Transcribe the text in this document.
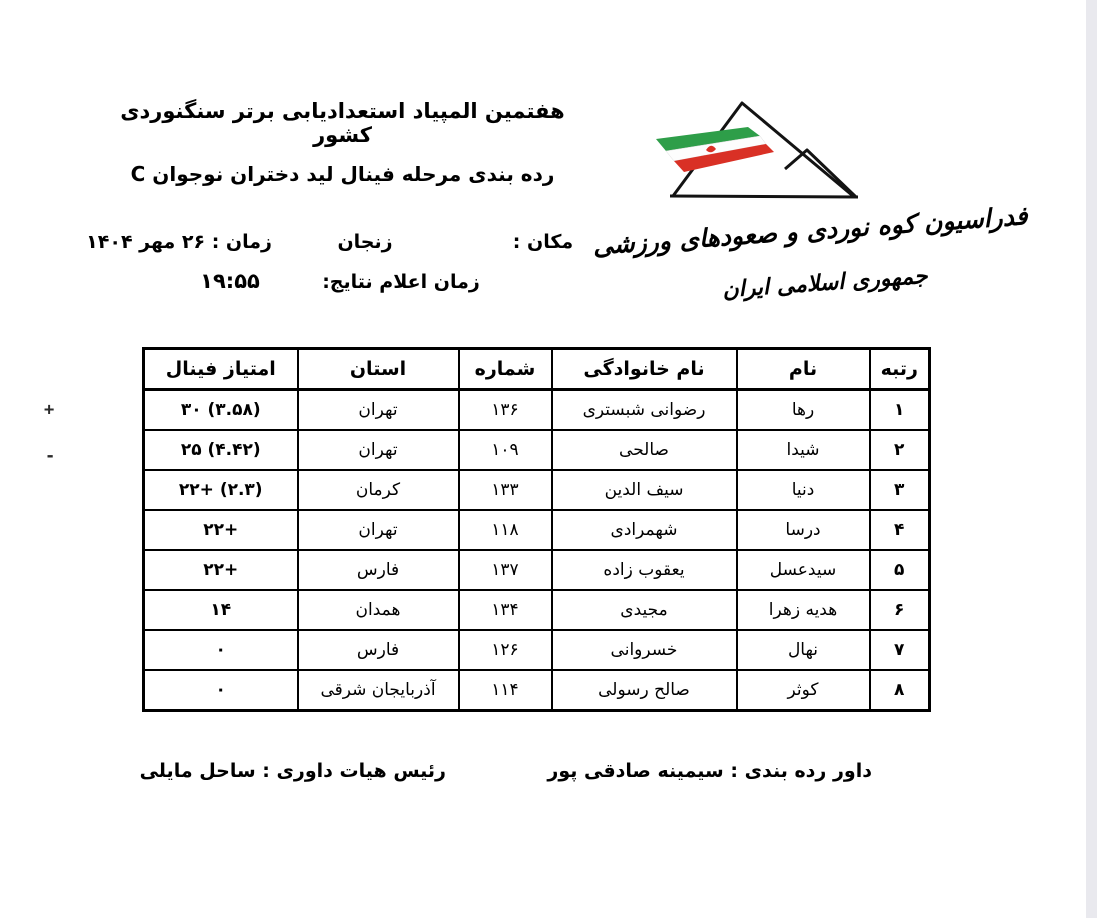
هفتمین المپیاد استعدادیابی برتر سنگنوردی کشور
رده بندی مرحله فینال لید دختران نوجوان C
فدراسیون کوه نوردی و صعودهای ورزشی
جمهوری اسلامی ایران
مکان :
زنجان
زمان : ۲۶ مهر ۱۴۰۴
زمان اعلام نتایج:
۱۹:۵۵
+
-
رتبه	نام	نام خانوادگی	شماره	استان	امتیاز فینال
۱	رها	رضوانی شبستری	۱۳۶	تهران	۳۰ (۳.۵۸)
۲	شیدا	صالحی	۱۰۹	تهران	۲۵ (۴.۴۲)
۳	دنیا	سیف الدین	۱۳۳	کرمان	۲۲+ (۲.۳)
۴	درسا	شهمرادی	۱۱۸	تهران	۲۲+
۵	سیدعسل	یعقوب زاده	۱۳۷	فارس	۲۲+
۶	هدیه زهرا	مجیدی	۱۳۴	همدان	۱۴
۷	نهال	خسروانی	۱۲۶	فارس	۰
۸	کوثر	صالح رسولی	۱۱۴	آذربایجان شرقی	۰
داور رده بندی : سیمینه صادقی پور
رئیس هیات داوری : ساحل مایلی
